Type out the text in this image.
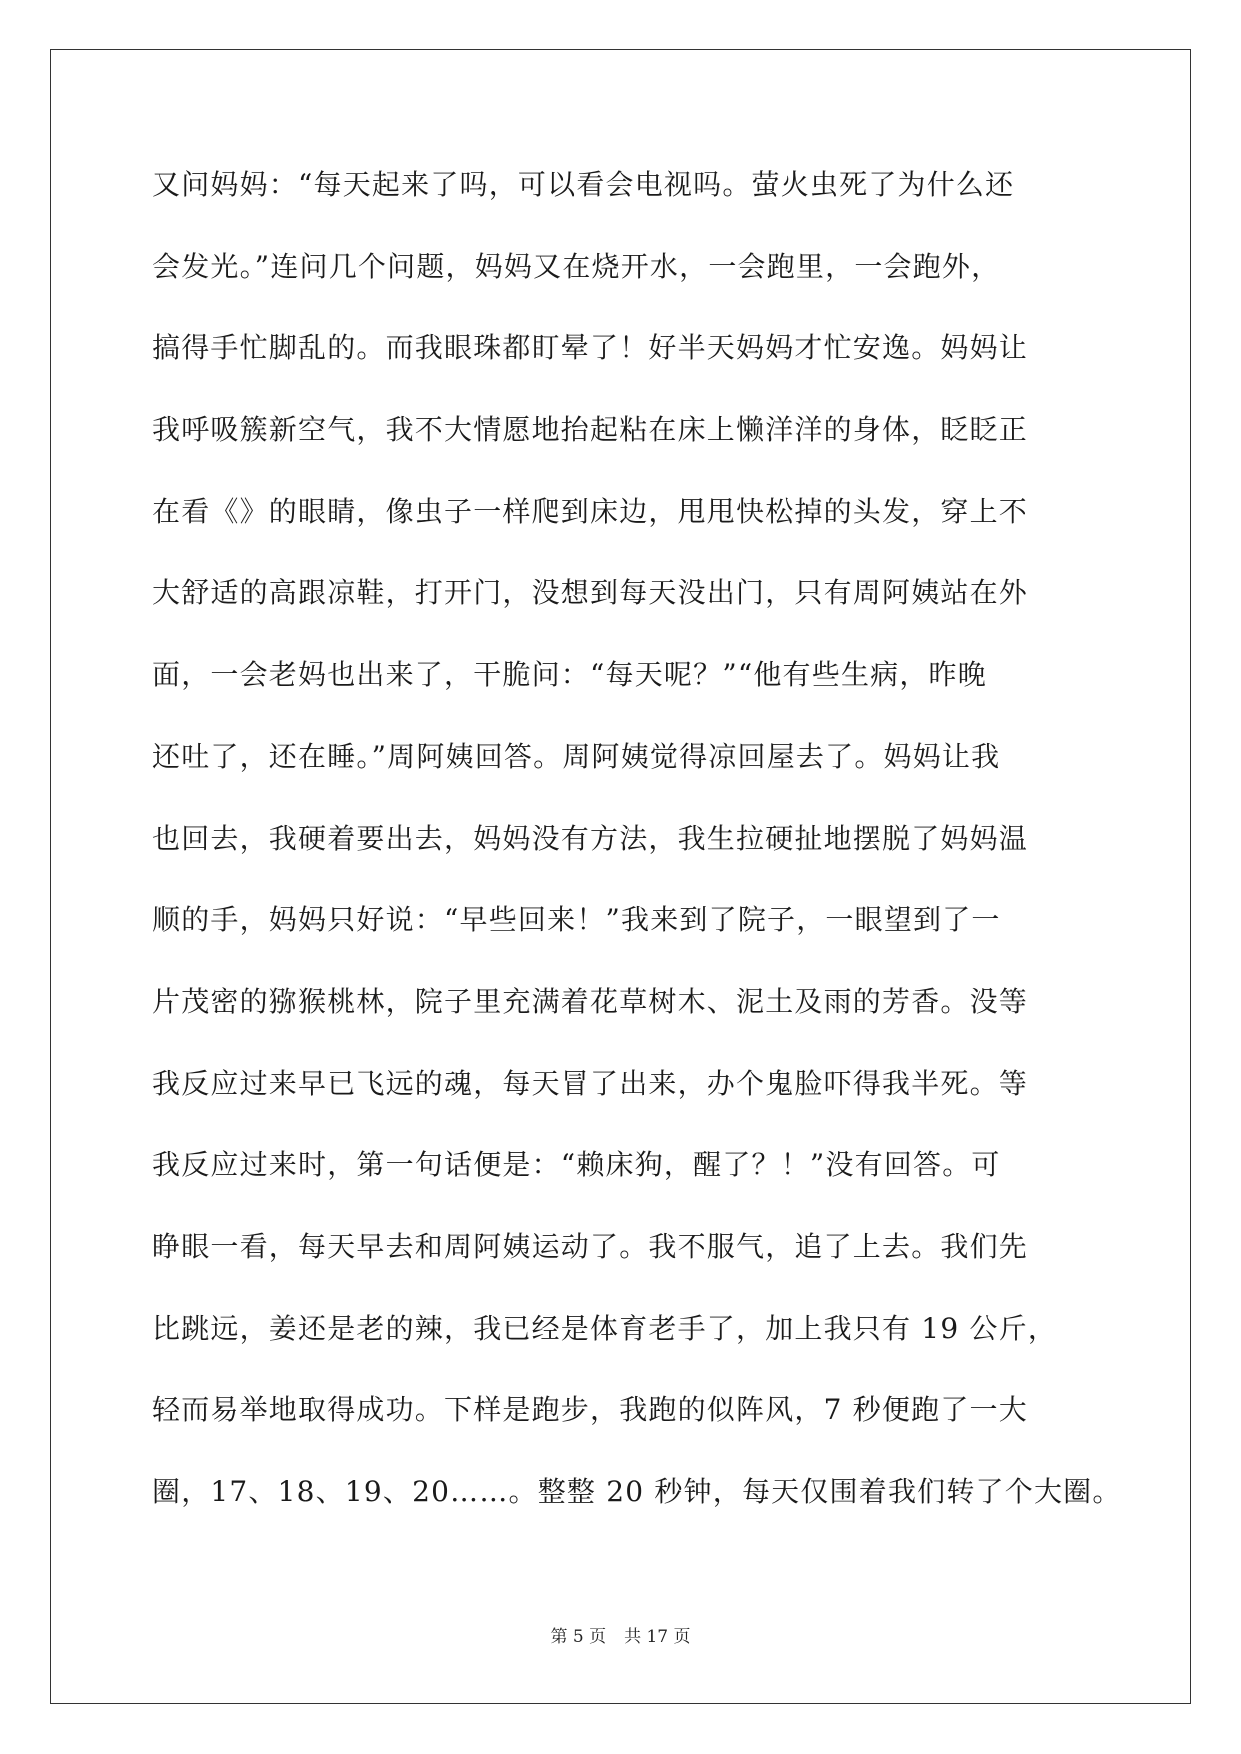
又问妈妈：“每天起来了吗，可以看会电视吗。萤火虫死了为什么还
会发光。”连问几个问题，妈妈又在烧开水，一会跑里，一会跑外，
搞得手忙脚乱的。而我眼珠都盯晕了！好半天妈妈才忙安逸。妈妈让
我呼吸簇新空气，我不大情愿地抬起粘在床上懒洋洋的身体，眨眨正
在看《》的眼睛，像虫子一样爬到床边，甩甩快松掉的头发，穿上不
大舒适的高跟凉鞋，打开门，没想到每天没出门，只有周阿姨站在外
面，一会老妈也出来了，干脆问：“每天呢？”“他有些生病，昨晚
还吐了，还在睡。”周阿姨回答。周阿姨觉得凉回屋去了。妈妈让我
也回去，我硬着要出去，妈妈没有方法，我生拉硬扯地摆脱了妈妈温
顺的手，妈妈只好说：“早些回来！”我来到了院子，一眼望到了一
片茂密的猕猴桃林，院子里充满着花草树木、泥土及雨的芳香。没等
我反应过来早已飞远的魂，每天冒了出来，办个鬼脸吓得我半死。等
我反应过来时，第一句话便是：“赖床狗，醒了？！”没有回答。可
睁眼一看，每天早去和周阿姨运动了。我不服气，追了上去。我们先
比跳远，姜还是老的辣，我已经是体育老手了，加上我只有 19 公斤，
轻而易举地取得成功。下样是跑步，我跑的似阵风，7 秒便跑了一大
圈，17、18、19、20……。整整 20 秒钟，每天仅围着我们转了个大圈。
第 5 页 共 17 页
